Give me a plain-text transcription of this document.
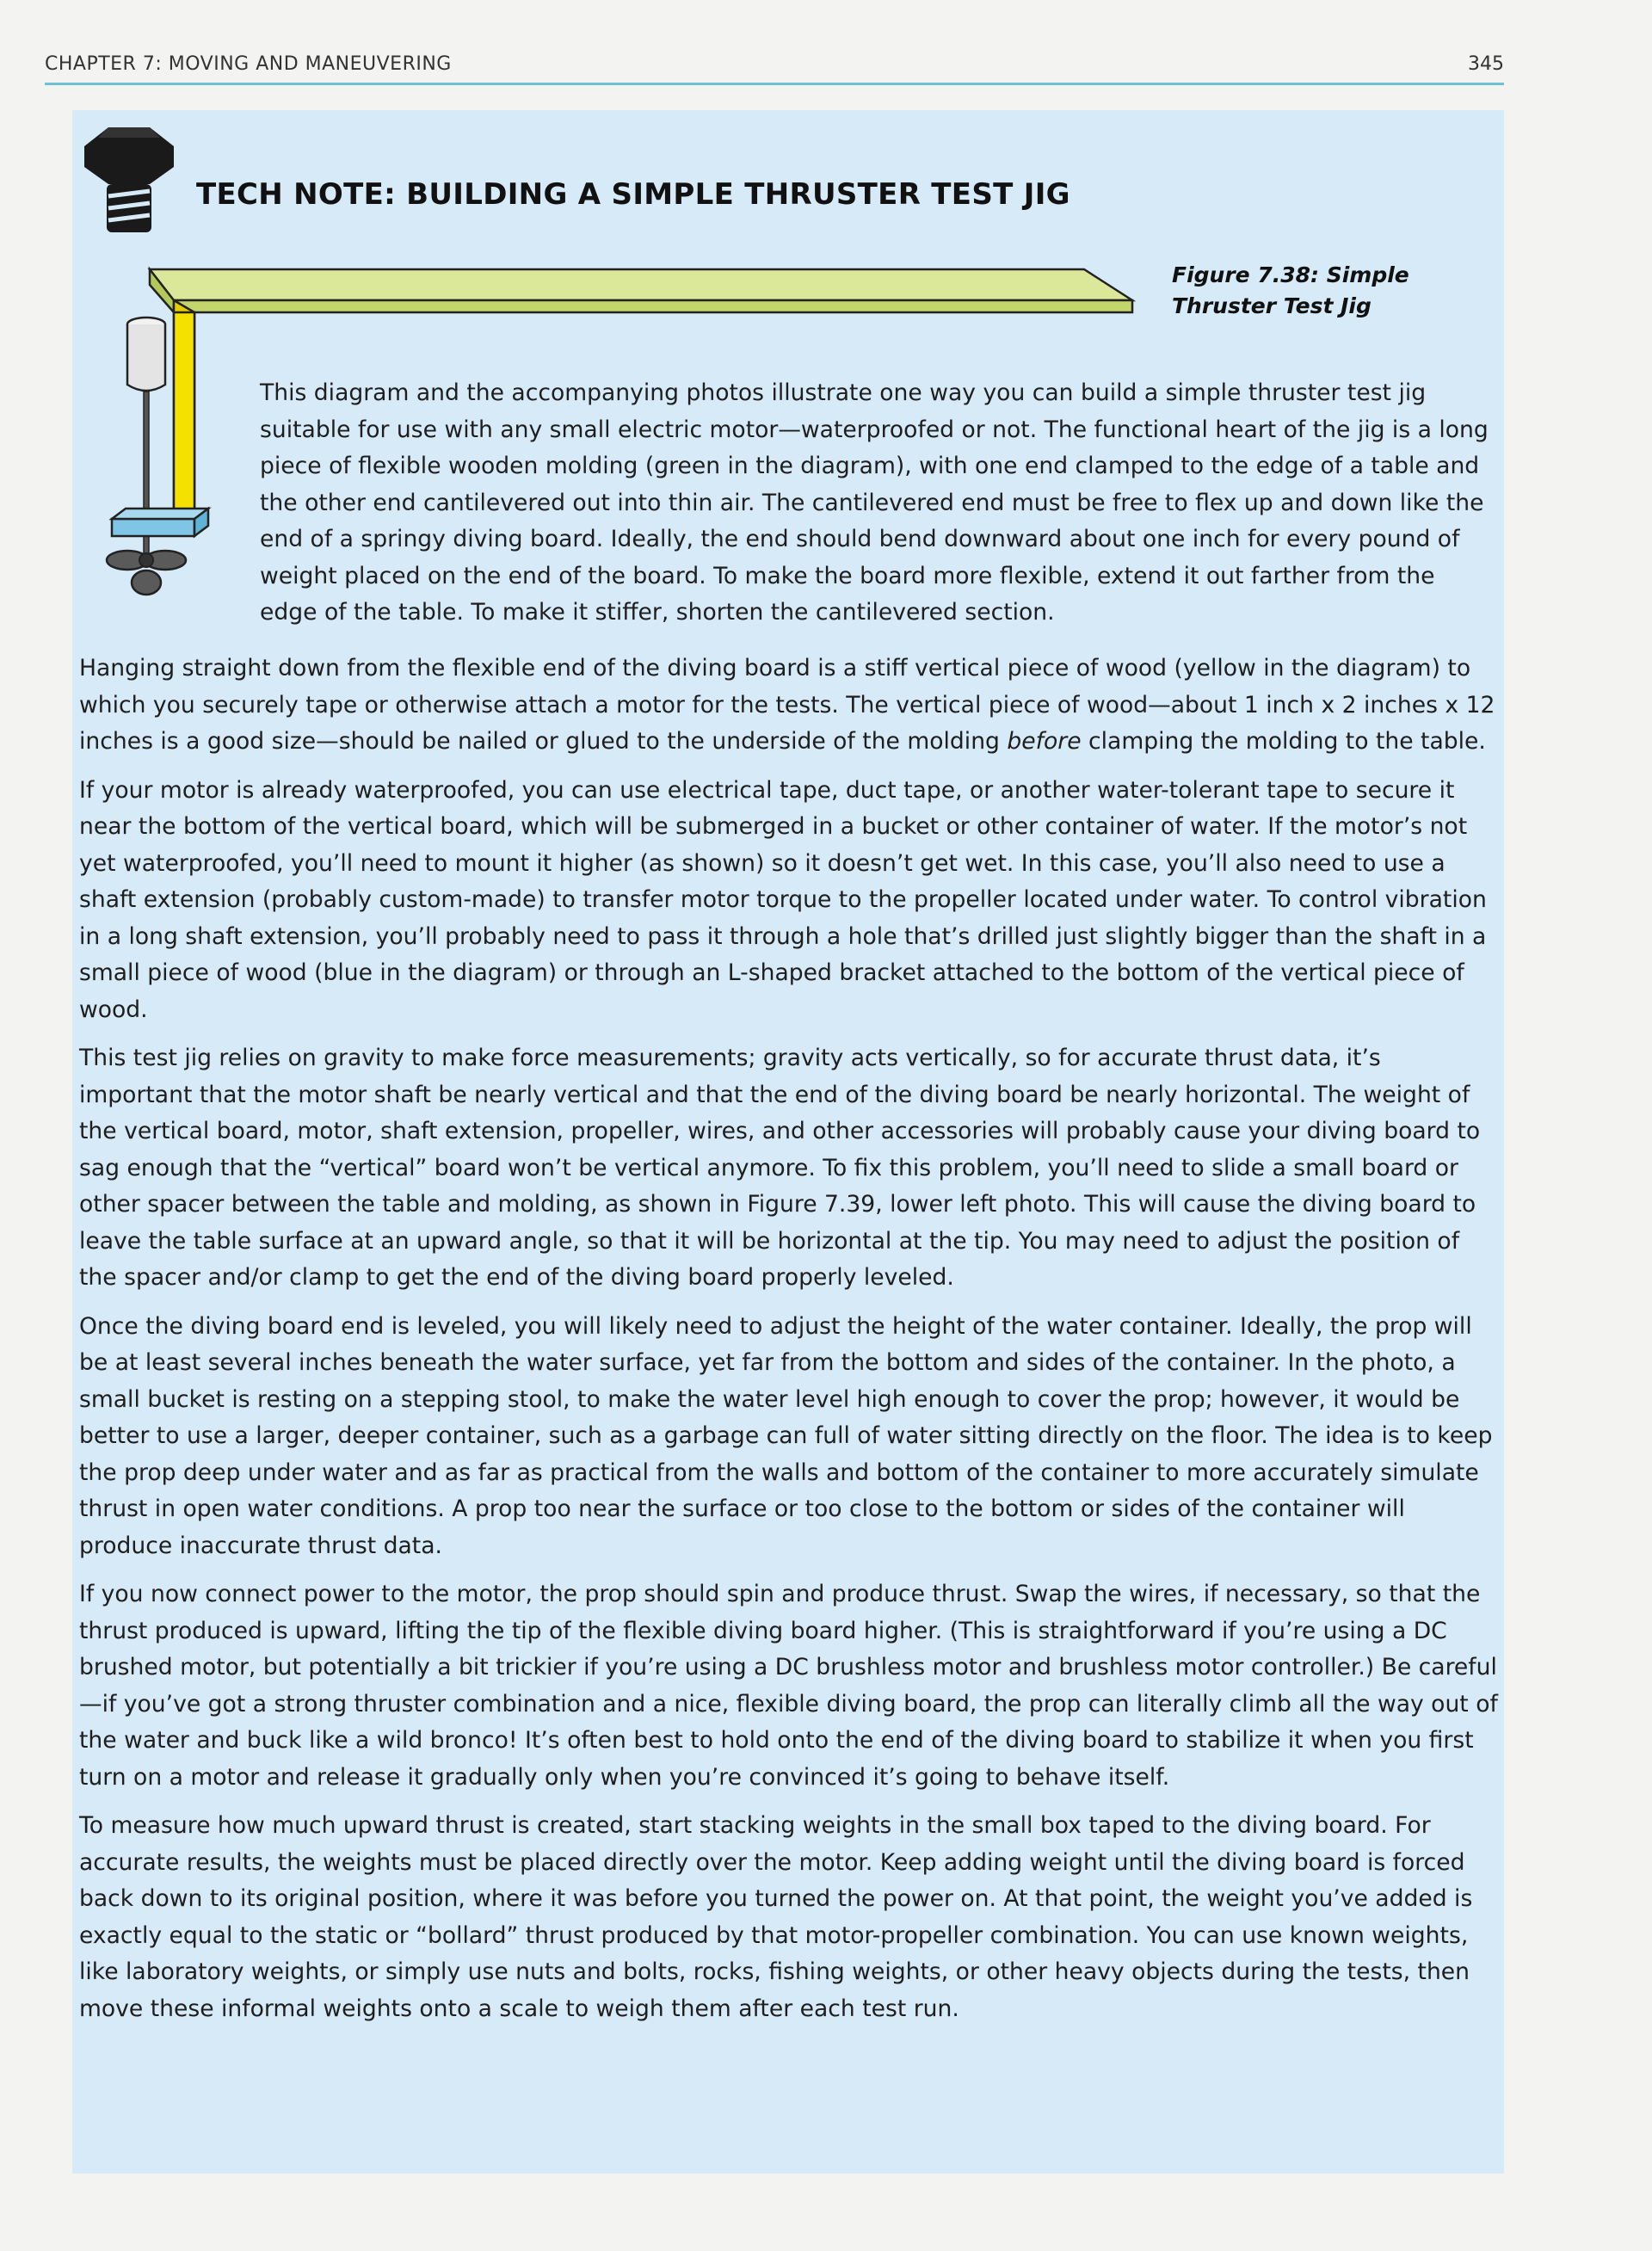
CHAPTER 7: MOVING AND MANEUVERING	345
TECH NOTE: BUILDING A SIMPLE THRUSTER TEST JIG
Figure 7.38: Simple Thruster Test Jig

This diagram and the accompanying photos illustrate one way you can build a simple thruster test jig suitable for use with any small electric motor—waterproofed or not. The functional heart of the jig is a long piece of flexible wooden molding (green in the diagram), with one end clamped to the edge of a table and the other end cantilevered out into thin air. The cantilevered end must be free to flex up and down like the end of a springy diving board. Ideally, the end should bend downward about one inch for every pound of weight placed on the end of the board. To make the board more flexible, extend it out farther from the edge of the table. To make it stiffer, shorten the cantilevered section.

Hanging straight down from the flexible end of the diving board is a stiff vertical piece of wood (yellow in the diagram) to which you securely tape or otherwise attach a motor for the tests. The vertical piece of wood—about 1 inch x 2 inches x 12 inches is a good size—should be nailed or glued to the underside of the molding before clamping the molding to the table.

If your motor is already waterproofed, you can use electrical tape, duct tape, or another water-tolerant tape to secure it near the bottom of the vertical board, which will be submerged in a bucket or other container of water. If the motor’s not yet waterproofed, you’ll need to mount it higher (as shown) so it doesn’t get wet. In this case, you’ll also need to use a shaft extension (probably custom-made) to transfer motor torque to the propeller located under water. To control vibration in a long shaft extension, you’ll probably need to pass it through a hole that’s drilled just slightly bigger than the shaft in a small piece of wood (blue in the diagram) or through an L-shaped bracket attached to the bottom of the vertical piece of wood.

This test jig relies on gravity to make force measurements; gravity acts vertically, so for accurate thrust data, it’s important that the motor shaft be nearly vertical and that the end of the diving board be nearly horizontal. The weight of the vertical board, motor, shaft extension, propeller, wires, and other accessories will probably cause your diving board to sag enough that the “vertical” board won’t be vertical anymore. To fix this problem, you’ll need to slide a small board or other spacer between the table and molding, as shown in Figure 7.39, lower left photo. This will cause the diving board to leave the table surface at an upward angle, so that it will be horizontal at the tip. You may need to adjust the position of the spacer and/or clamp to get the end of the diving board properly leveled.

Once the diving board end is leveled, you will likely need to adjust the height of the water container. Ideally, the prop will be at least several inches beneath the water surface, yet far from the bottom and sides of the container. In the photo, a small bucket is resting on a stepping stool, to make the water level high enough to cover the prop; however, it would be better to use a larger, deeper container, such as a garbage can full of water sitting directly on the floor. The idea is to keep the prop deep under water and as far as practical from the walls and bottom of the container to more accurately simulate thrust in open water conditions. A prop too near the surface or too close to the bottom or sides of the container will produce inaccurate thrust data.

If you now connect power to the motor, the prop should spin and produce thrust. Swap the wires, if necessary, so that the thrust produced is upward, lifting the tip of the flexible diving board higher. (This is straightforward if you’re using a DC brushed motor, but potentially a bit trickier if you’re using a DC brushless motor and brushless motor controller.) Be careful—if you’ve got a strong thruster combination and a nice, flexible diving board, the prop can literally climb all the way out of the water and buck like a wild bronco! It’s often best to hold onto the end of the diving board to stabilize it when you first turn on a motor and release it gradually only when you’re convinced it’s going to behave itself.

To measure how much upward thrust is created, start stacking weights in the small box taped to the diving board. For accurate results, the weights must be placed directly over the motor. Keep adding weight until the diving board is forced back down to its original position, where it was before you turned the power on. At that point, the weight you’ve added is exactly equal to the static or “bollard” thrust produced by that motor-propeller combination. You can use known weights, like laboratory weights, or simply use nuts and bolts, rocks, fishing weights, or other heavy objects during the tests, then move these informal weights onto a scale to weigh them after each test run.
